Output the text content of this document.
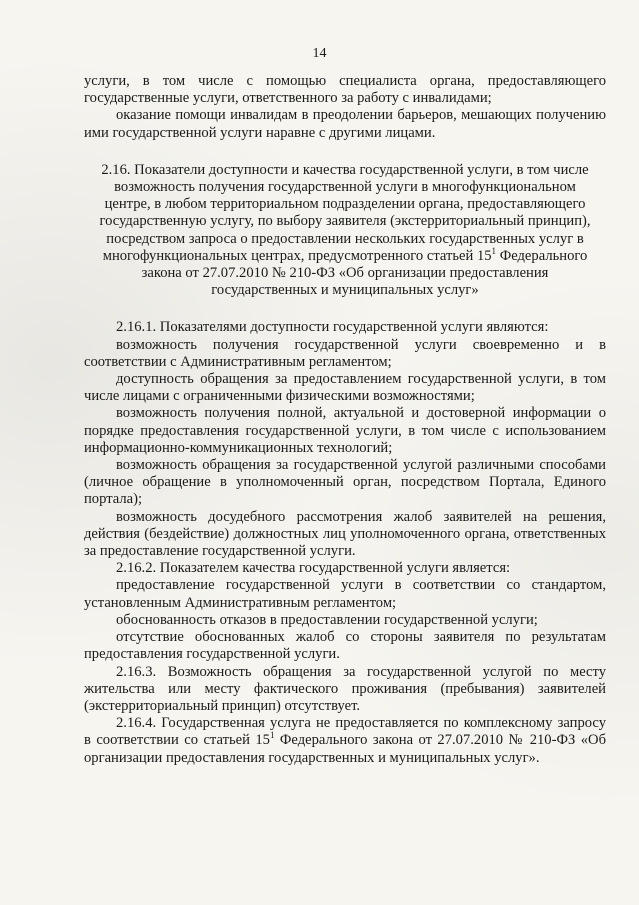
14

услуги, в том числе с помощью специалиста органа, предоставляющего государственные услуги, ответственного за работу с инвалидами;

оказание помощи инвалидам в преодолении барьеров, мешающих получению ими государственной услуги наравне с другими лицами.

2.16. Показатели доступности и качества государственной услуги, в том числе возможность получения государственной услуги в многофункциональном центре, в любом территориальном подразделении органа, предоставляющего государственную услугу, по выбору заявителя (экстерриториальный принцип), посредством запроса о предоставлении нескольких государственных услуг в многофункциональных центрах, предусмотренного статьей $15^1$ Федерального закона от 27.07.2010 № 210-ФЗ «Об организации предоставления государственных и муниципальных услуг»

2.16.1. Показателями доступности государственной услуги являются:

возможность получения государственной услуги своевременно и в соответствии с Административным регламентом;

доступность обращения за предоставлением государственной услуги, в том числе лицами с ограниченными физическими возможностями;

возможность получения полной, актуальной и достоверной информации о порядке предоставления государственной услуги, в том числе с использованием информационно-коммуникационных технологий;

возможность обращения за государственной услугой различными способами (личное обращение в уполномоченный орган, посредством Портала, Единого портала);

возможность досудебного рассмотрения жалоб заявителей на решения, действия (бездействие) должностных лиц уполномоченного органа, ответственных за предоставление государственной услуги.

2.16.2. Показателем качества государственной услуги является:

предоставление государственной услуги в соответствии со стандартом, установленным Административным регламентом;

обоснованность отказов в предоставлении государственной услуги;

отсутствие обоснованных жалоб со стороны заявителя по результатам предоставления государственной услуги.

2.16.3. Возможность обращения за государственной услугой по месту жительства или месту фактического проживания (пребывания) заявителей (экстерриториальный принцип) отсутствует.

2.16.4. Государственная услуга не предоставляется по комплексному запросу в соответствии со статьей $15^1$ Федерального закона от 27.07.2010 № 210-ФЗ «Об организации предоставления государственных и муниципальных услуг».
